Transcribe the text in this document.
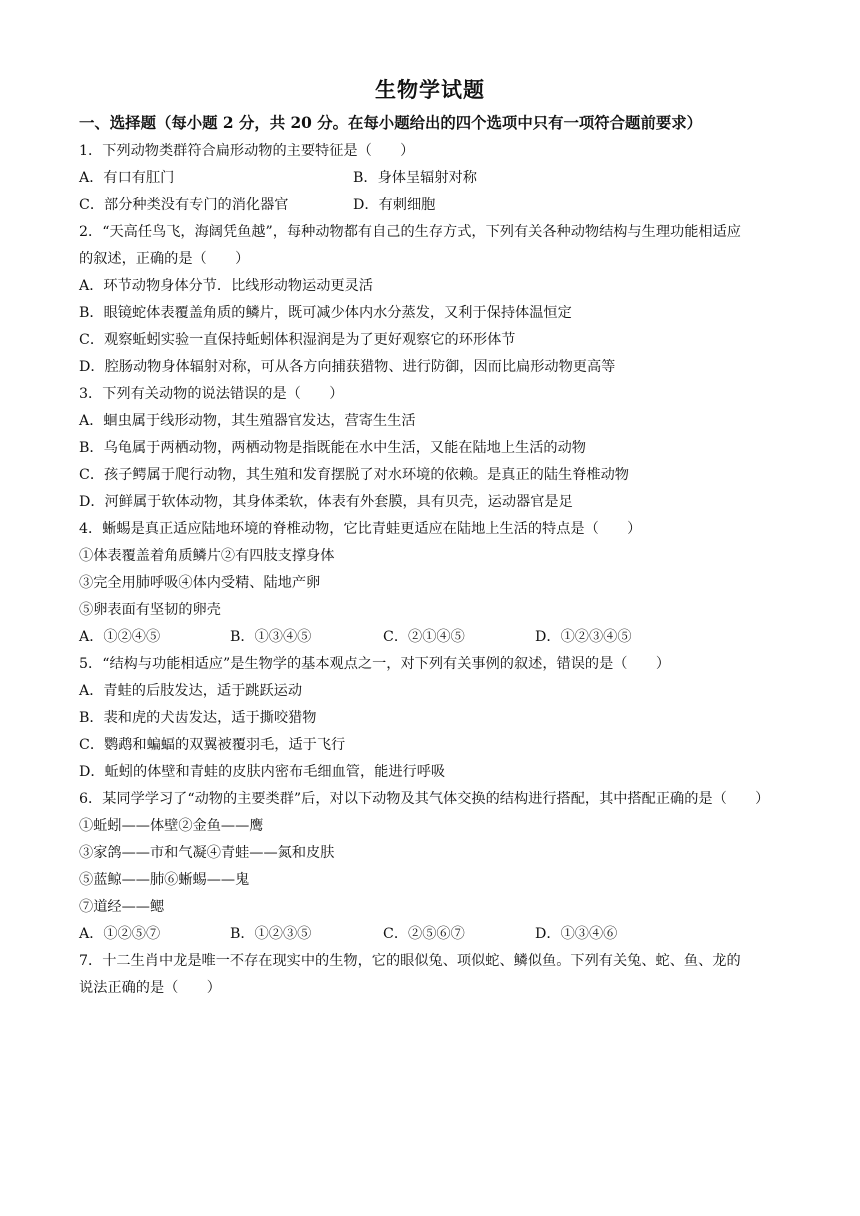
生物学试题
一、选择题（每小题 2 分，共 20 分。在每小题给出的四个选项中只有一项符合题前要求）
1．下列动物类群符合扁形动物的主要特征是（　　）
A．有口有肛门	B．身体呈辐射对称
C．部分种类没有专门的消化器官	D．有刺细胞
2．“天高任鸟飞，海阔凭鱼越”，每种动物都有自己的生存方式，下列有关各种动物结构与生理功能相适应
的叙述，正确的是（　　）
A．环节动物身体分节．比线形动物运动更灵活
B．眼镜蛇体表覆盖角质的鳞片，既可减少体内水分蒸发，又利于保持体温恒定
C．观察蚯蚓实验一直保持蚯蚓体积湿润是为了更好观察它的环形体节
D．腔肠动物身体辐射对称，可从各方向捕获猎物、进行防御，因而比扁形动物更高等
3．下列有关动物的说法错误的是（　　）
A．蛔虫属于线形动物，其生殖器官发达，营寄生生活
B．乌龟属于两栖动物，两栖动物是指既能在水中生活，又能在陆地上生活的动物
C．孩子鳄属于爬行动物，其生殖和发育摆脱了对水环境的依赖。是真正的陆生脊椎动物
D．河鲜属于软体动物，其身体柔软，体表有外套膜，具有贝壳，运动器官是足
4．蜥蜴是真正适应陆地环境的脊椎动物，它比青蛙更适应在陆地上生活的特点是（　　）
①体表覆盖着角质鳞片②有四肢支撑身体
③完全用肺呼吸④体内受精、陆地产卵
⑤卵表面有坚韧的卵壳
A．①②④⑤	B．①③④⑤	C．②①④⑤	D．①②③④⑤
5．“结构与功能相适应”是生物学的基本观点之一，对下列有关事例的叙述，错误的是（　　）
A．青蛙的后肢发达，适于跳跃运动
B．裴和虎的犬齿发达，适于撕咬猎物
C．鹦鹉和蝙蝠的双翼被覆羽毛，适于飞行
D．蚯蚓的体壁和青蛙的皮肤内密布毛细血管，能进行呼吸
6．某同学学习了“动物的主要类群”后，对以下动物及其气体交换的结构进行搭配，其中搭配正确的是（　　）
①蚯蚓——体壁②金鱼——鹰
③家鸽——市和气凝④青蛙——氮和皮肤
⑤蓝鲸——肺⑥蜥蜴——鬼
⑦道经——鳃
A．①②⑤⑦	B．①②③⑤	C．②⑤⑥⑦	D．①③④⑥
7．十二生肖中龙是唯一不存在现实中的生物，它的眼似兔、项似蛇、鳞似鱼。下列有关兔、蛇、鱼、龙的
说法正确的是（　　）
